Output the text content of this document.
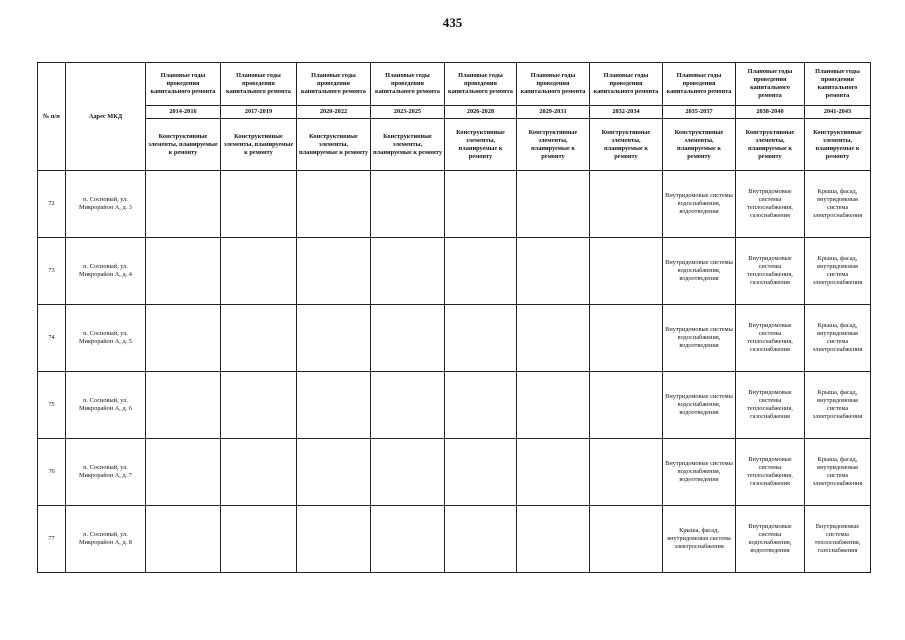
435
№ п/п	Адрес МКД	Плановые годы проведения капитального ремонта	Плановые годы проведения капитального ремонта	Плановые годы проведения капитального ремонта	Плановые годы проведения капитального ремонта	Плановые годы проведения капитального ремонта	Плановые годы проведения капитального ремонта	Плановые годы проведения капитального ремонта	Плановые годы проведения капитального ремонта	Плановые годы проведения капитального ремонта	Плановые годы проведения капитального ремонта
		2014-2016	2017-2019	2020-2022	2023-2025	2026-2028	2029-2031	2032-2034	2035-2037	2038-2040	2041-2043
		Конструктивные элементы, планируемые к ремонту	Конструктивные элементы, планируемые к ремонту	Конструктивные элементы, планируемые к ремонту	Конструктивные элементы, планируемые к ремонту	Конструктивные элементы, планируемые к ремонту	Конструктивные элементы, планируемые к ремонту	Конструктивные элементы, планируемые к ремонту	Конструктивные элементы, планируемые к ремонту	Конструктивные элементы, планируемые к ремонту	Конструктивные элементы, планируемые к ремонту
72	п. Сосновый, ул. Микрорайон А, д. 3								Внутридомовые системы водоснабжения, водоотведения	Внутридомовые системы теплоснабжения, газоснабжения	Крыша, фасад, внутридомовая система электроснабжения
73	п. Сосновый, ул. Микрорайон А, д. 4								Внутридомовые системы водоснабжения, водоотведения	Внутридомовые системы теплоснабжения, газоснабжения	Крыша, фасад, внутридомовая система электроснабжения
74	п. Сосновый, ул. Микрорайон А, д. 5								Внутридомовые системы водоснабжения, водоотведения	Внутридомовые системы теплоснабжения, газоснабжения	Крыша, фасад, внутридомовая система электроснабжения
75	п. Сосновый, ул. Микрорайон А, д. 6								Внутридомовые системы водоснабжения, водоотведения	Внутридомовые системы теплоснабжения, газоснабжения	Крыша, фасад, внутридомовая система электроснабжения
76	п. Сосновый, ул. Микрорайон А, д. 7								Внутридомовые системы водоснабжения, водоотведения	Внутридомовые системы теплоснабжения, газоснабжения	Крыша, фасад, внутридомовая система электроснабжения
77	п. Сосновый, ул. Микрорайон А, д. 8								Крыша, фасад, внутридомовая система электроснабжения	Внутридомовые системы водоснабжения, водоотведения	Внутридомовые системы теплоснабжения, газоснабжения
